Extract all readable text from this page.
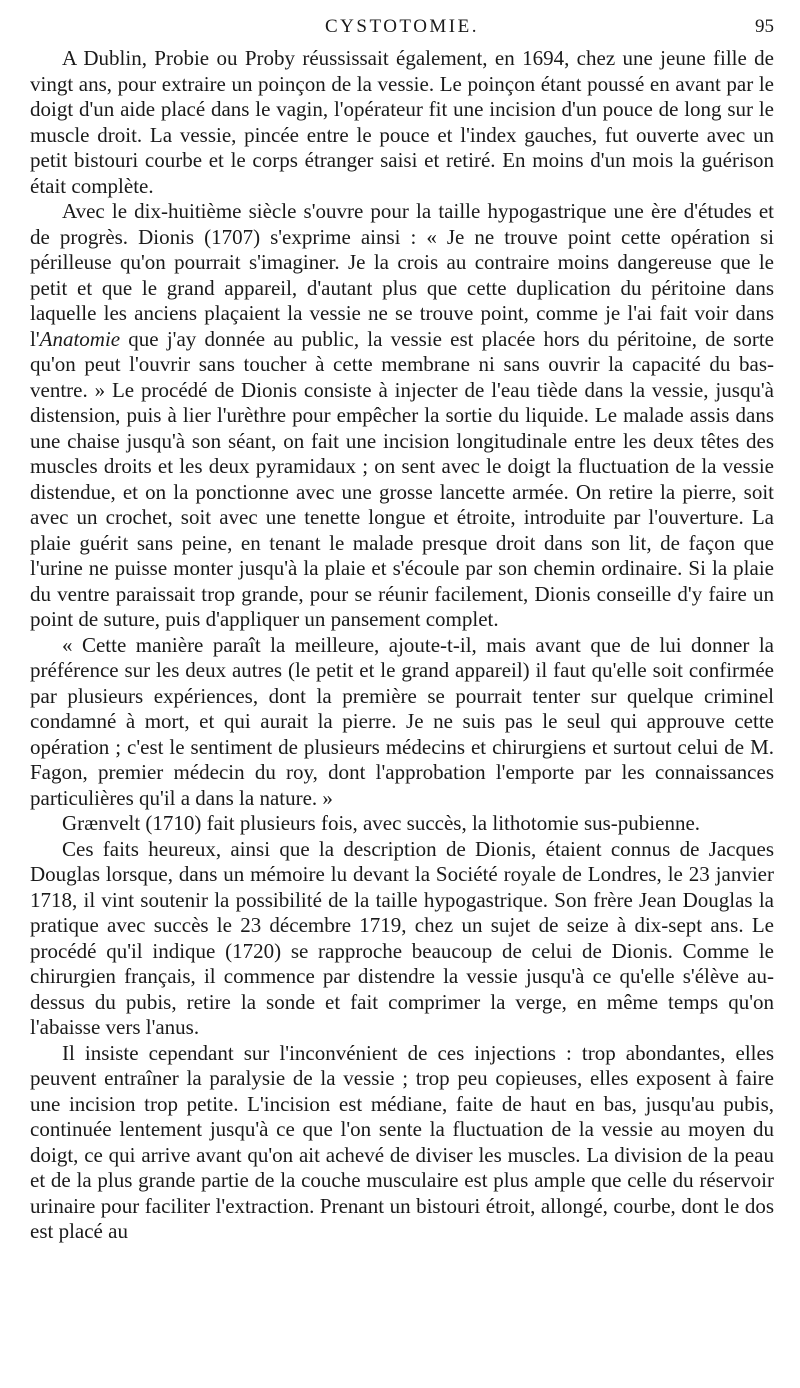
CYSTOTOMIE.	95

A Dublin, Probie ou Proby réussissait également, en 1694, chez une jeune fille de vingt ans, pour extraire un poinçon de la vessie. Le poinçon étant poussé en avant par le doigt d'un aide placé dans le vagin, l'opérateur fit une incision d'un pouce de long sur le muscle droit. La vessie, pincée entre le pouce et l'index gauches, fut ouverte avec un petit bistouri courbe et le corps étranger saisi et retiré. En moins d'un mois la guérison était complète.

Avec le dix-huitième siècle s'ouvre pour la taille hypogastrique une ère d'études et de progrès. Dionis (1707) s'exprime ainsi : « Je ne trouve point cette opération si périlleuse qu'on pourrait s'imaginer. Je la crois au contraire moins dangereuse que le petit et que le grand appareil, d'autant plus que cette duplication du péritoine dans laquelle les anciens plaçaient la vessie ne se trouve point, comme je l'ai fait voir dans l'Anatomie que j'ay donnée au public, la vessie est placée hors du péritoine, de sorte qu'on peut l'ouvrir sans toucher à cette membrane ni sans ouvrir la capacité du bas-ventre. » Le procédé de Dionis consiste à injecter de l'eau tiède dans la vessie, jusqu'à distension, puis à lier l'urèthre pour empêcher la sortie du liquide. Le malade assis dans une chaise jusqu'à son séant, on fait une incision longitudinale entre les deux têtes des muscles droits et les deux pyramidaux ; on sent avec le doigt la fluctuation de la vessie distendue, et on la ponctionne avec une grosse lancette armée. On retire la pierre, soit avec un crochet, soit avec une tenette longue et étroite, introduite par l'ouverture. La plaie guérit sans peine, en tenant le malade presque droit dans son lit, de façon que l'urine ne puisse monter jusqu'à la plaie et s'écoule par son chemin ordinaire. Si la plaie du ventre paraissait trop grande, pour se réunir facilement, Dionis conseille d'y faire un point de suture, puis d'appliquer un pansement complet.

« Cette manière paraît la meilleure, ajoute-t-il, mais avant que de lui donner la préférence sur les deux autres (le petit et le grand appareil) il faut qu'elle soit confirmée par plusieurs expériences, dont la première se pourrait tenter sur quelque criminel condamné à mort, et qui aurait la pierre. Je ne suis pas le seul qui approuve cette opération ; c'est le sentiment de plusieurs médecins et chirurgiens et surtout celui de M. Fagon, premier médecin du roy, dont l'approbation l'emporte par les connaissances particulières qu'il a dans la nature. »

Grænvelt (1710) fait plusieurs fois, avec succès, la lithotomie sus-pubienne.

Ces faits heureux, ainsi que la description de Dionis, étaient connus de Jacques Douglas lorsque, dans un mémoire lu devant la Société royale de Londres, le 23 janvier 1718, il vint soutenir la possibilité de la taille hypogastrique. Son frère Jean Douglas la pratique avec succès le 23 décembre 1719, chez un sujet de seize à dix-sept ans. Le procédé qu'il indique (1720) se rapproche beaucoup de celui de Dionis. Comme le chirurgien français, il commence par distendre la vessie jusqu'à ce qu'elle s'élève au-dessus du pubis, retire la sonde et fait comprimer la verge, en même temps qu'on l'abaisse vers l'anus.

Il insiste cependant sur l'inconvénient de ces injections : trop abondantes, elles peuvent entraîner la paralysie de la vessie ; trop peu copieuses, elles exposent à faire une incision trop petite. L'incision est médiane, faite de haut en bas, jusqu'au pubis, continuée lentement jusqu'à ce que l'on sente la fluctuation de la vessie au moyen du doigt, ce qui arrive avant qu'on ait achevé de diviser les muscles. La division de la peau et de la plus grande partie de la couche musculaire est plus ample que celle du réservoir urinaire pour faciliter l'extraction. Prenant un bistouri étroit, allongé, courbe, dont le dos est placé au
